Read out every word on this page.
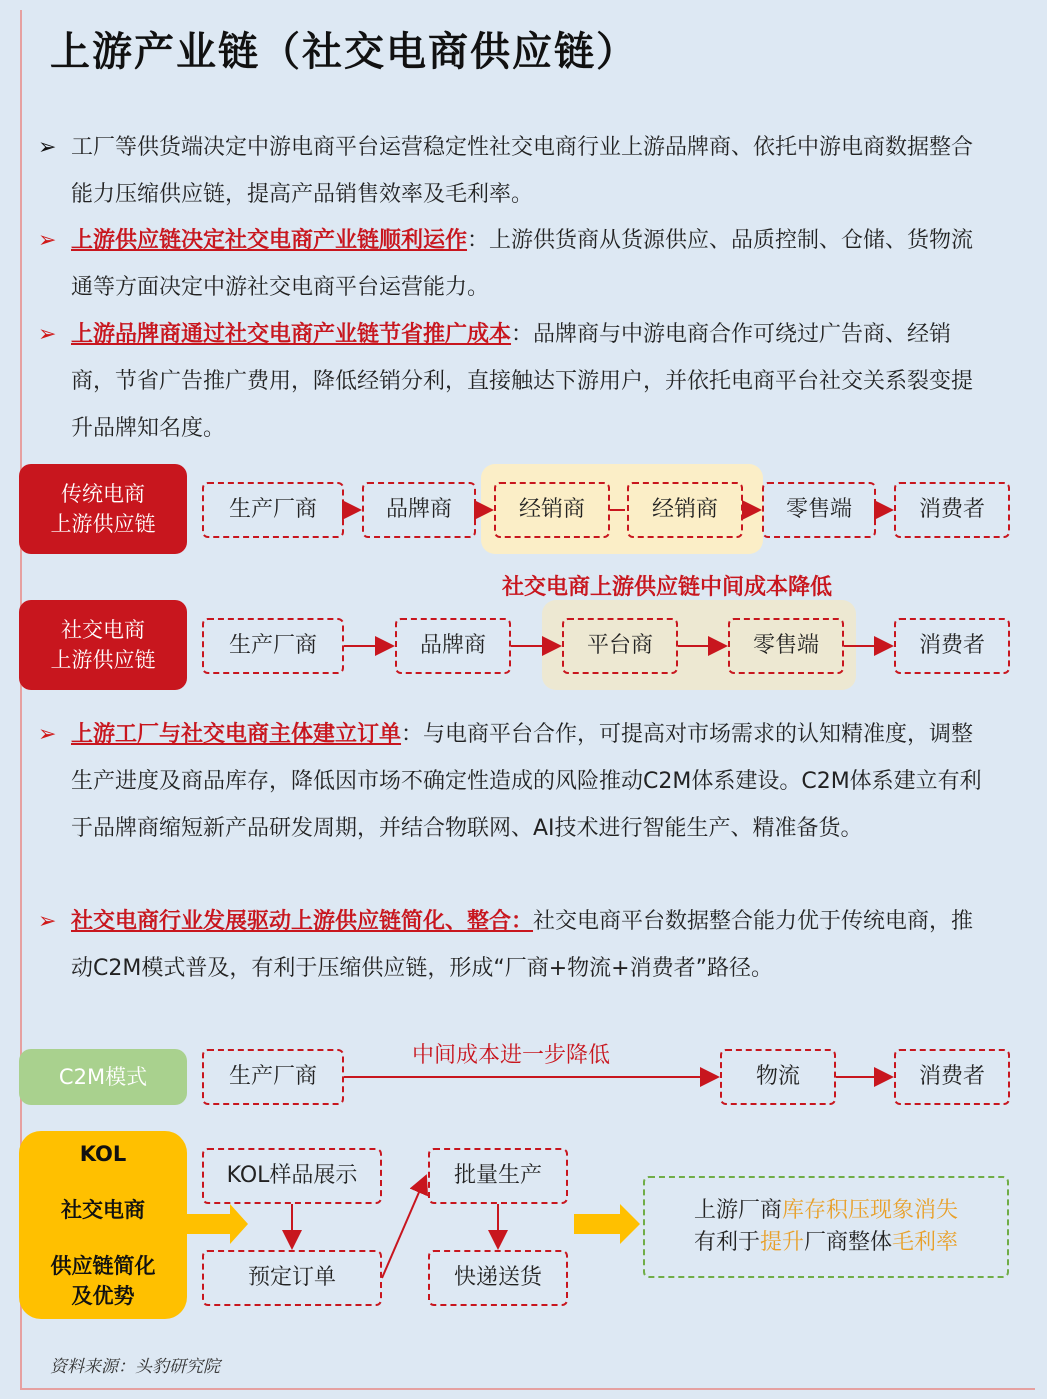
上游产业链（社交电商供应链）
➢ 工厂等供货端决定中游电商平台运营稳定性社交电商行业上游品牌商、依托中游电商数据整合能力压缩供应链，提高产品销售效率及毛利率。
➢ 上游供应链决定社交电商产业链顺利运作：上游供货商从货源供应、品质控制、仓储、货物流通等方面决定中游社交电商平台运营能力。
➢ 上游品牌商通过社交电商产业链节省推广成本：品牌商与中游电商合作可绕过广告商、经销商，节省广告推广费用，降低经销分利，直接触达下游用户，并依托电商平台社交关系裂变提升品牌知名度。
传统电商
上游供应链
生产厂商	品牌商	经销商	经销商	零售端	消费者
社交电商上游供应链中间成本降低
社交电商
上游供应链
生产厂商	品牌商	平台商	零售端	消费者
➢ 上游工厂与社交电商主体建立订单：与电商平台合作，可提高对市场需求的认知精准度，调整生产进度及商品库存，降低因市场不确定性造成的风险推动C2M体系建设。C2M体系建立有利于品牌商缩短新产品研发周期，并结合物联网、AI技术进行智能生产、精准备货。
➢ 社交电商行业发展驱动上游供应链简化、整合：社交电商平台数据整合能力优于传统电商，推动C2M模式普及，有利于压缩供应链，形成“厂商+物流+消费者”路径。
C2M模式	生产厂商	物流	消费者
中间成本进一步降低
KOL
社交电商
供应链简化及优势
KOL样品展示
预定订单
批量生产
快递送货
上游厂商库存积压现象消失
有利于提升厂商整体毛利率
资料来源：头豹研究院
